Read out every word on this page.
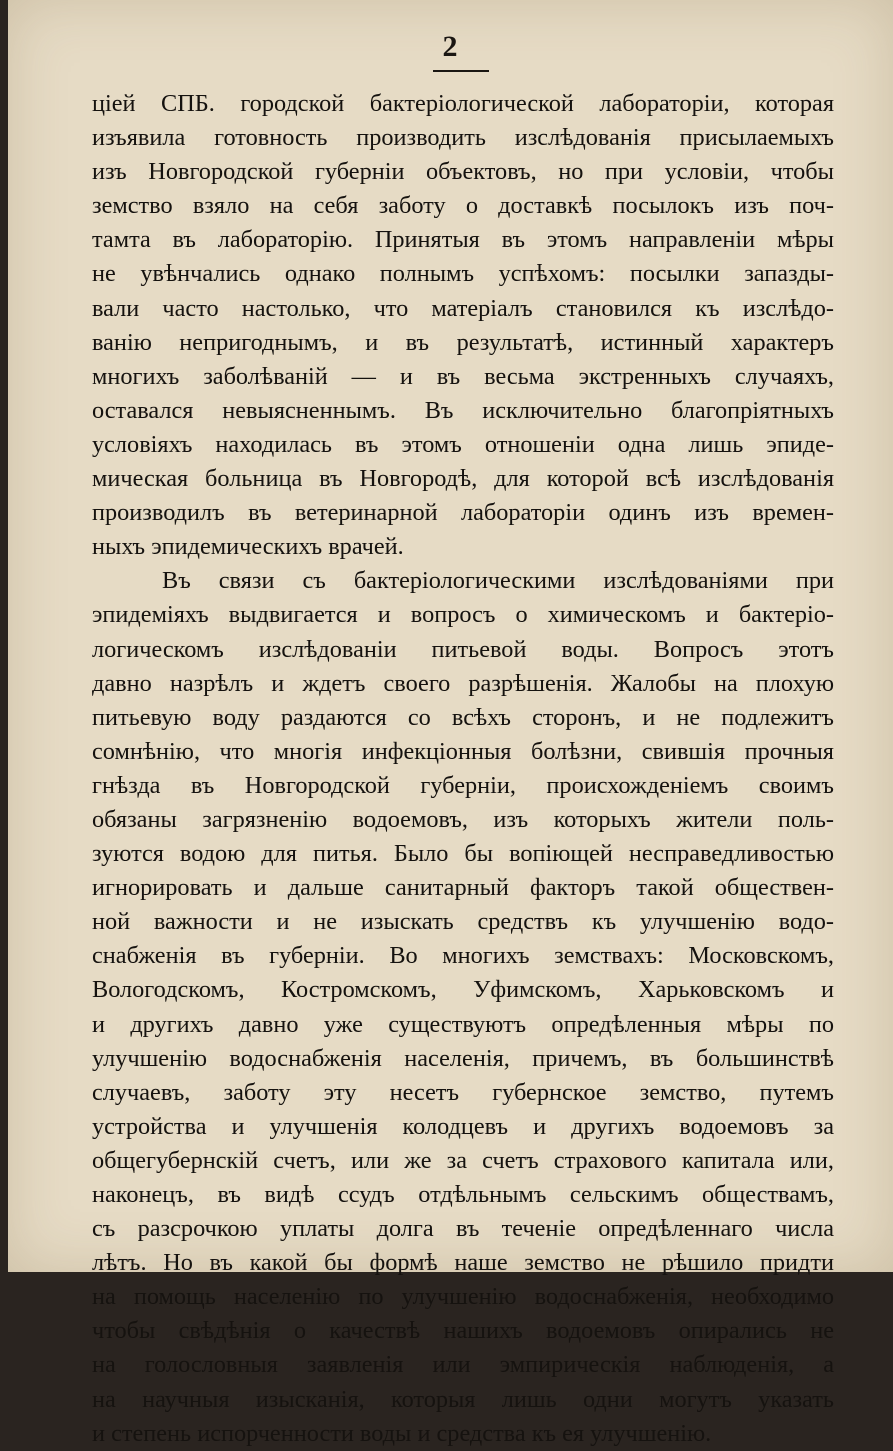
2
цiей СПБ. городской бактерiологической лабораторiи, которая
изъявила готовность производить изслѣдованiя присылаемыхъ
изъ Новгородской губернiи объектовъ, но при условiи, чтобы
земство взяло на себя заботу о доставкѣ посылокъ изъ поч-
тамта въ лабораторiю. Принятыя въ этомъ направленiи мѣры
не увѣнчались однако полнымъ успѣхомъ: посылки запазды-
вали часто настолько, что матерiалъ становился къ изслѣдо-
ванiю непригоднымъ, и въ результатѣ, истинный характеръ
многихъ заболѣванiй — и въ весьма экстренныхъ случаяхъ,
оставался невыясненнымъ. Въ исключительно благопрiятныхъ
условiяхъ находилась въ этомъ отношенiи одна лишь эпиде-
мическая больница въ Новгородѣ, для которой всѣ изслѣдованiя
производилъ въ ветеринарной лабораторiи одинъ изъ времен-
ныхъ эпидемическихъ врачей.
Въ связи съ бактерiологическими изслѣдованiями при
эпидемiяхъ выдвигается и вопросъ о химическомъ и бактерiо-
логическомъ изслѣдованiи питьевой воды. Вопросъ этотъ
давно назрѣлъ и ждетъ своего разрѣшенiя. Жалобы на плохую
питьевую воду раздаются со всѣхъ сторонъ, и не подлежитъ
сомнѣнiю, что многiя инфекцiонныя болѣзни, свившiя прочныя
гнѣзда въ Новгородской губернiи, происхожденiемъ своимъ
обязаны загрязненiю водоемовъ, изъ которыхъ жители поль-
зуются водою для питья. Было бы вопiющей несправедливостью
игнорировать и дальше санитарный факторъ такой обществен-
ной важности и не изыскать средствъ къ улучшенiю водо-
снабженiя въ губернiи. Во многихъ земствахъ: Московскомъ,
Вологодскомъ, Костромскомъ, Уфимскомъ, Харьковскомъ и
и другихъ давно уже существуютъ опредѣленныя мѣры по
улучшенiю водоснабженiя населенiя, причемъ, въ большинствѣ
случаевъ, заботу эту несетъ губернское земство, путемъ
устройства и улучшенiя колодцевъ и другихъ водоемовъ за
общегубернскiй счетъ, или же за счетъ страхового капитала или,
наконецъ, въ видѣ ссудъ отдѣльнымъ сельскимъ обществамъ,
съ разсрочкою уплаты долга въ теченiе опредѣленнаго числа
лѣтъ. Но въ какой бы формѣ наше земство не рѣшило придти
на помощь населенiю по улучшенiю водоснабженiя, необходимо
чтобы свѣдѣнiя о качествѣ нашихъ водоемовъ опирались не
на голословныя заявленiя или эмпирическiя наблюденiя, а
на научныя изысканiя, которыя лишь одни могутъ указать
и степень испорченности воды и средства къ ея улучшенiю.
